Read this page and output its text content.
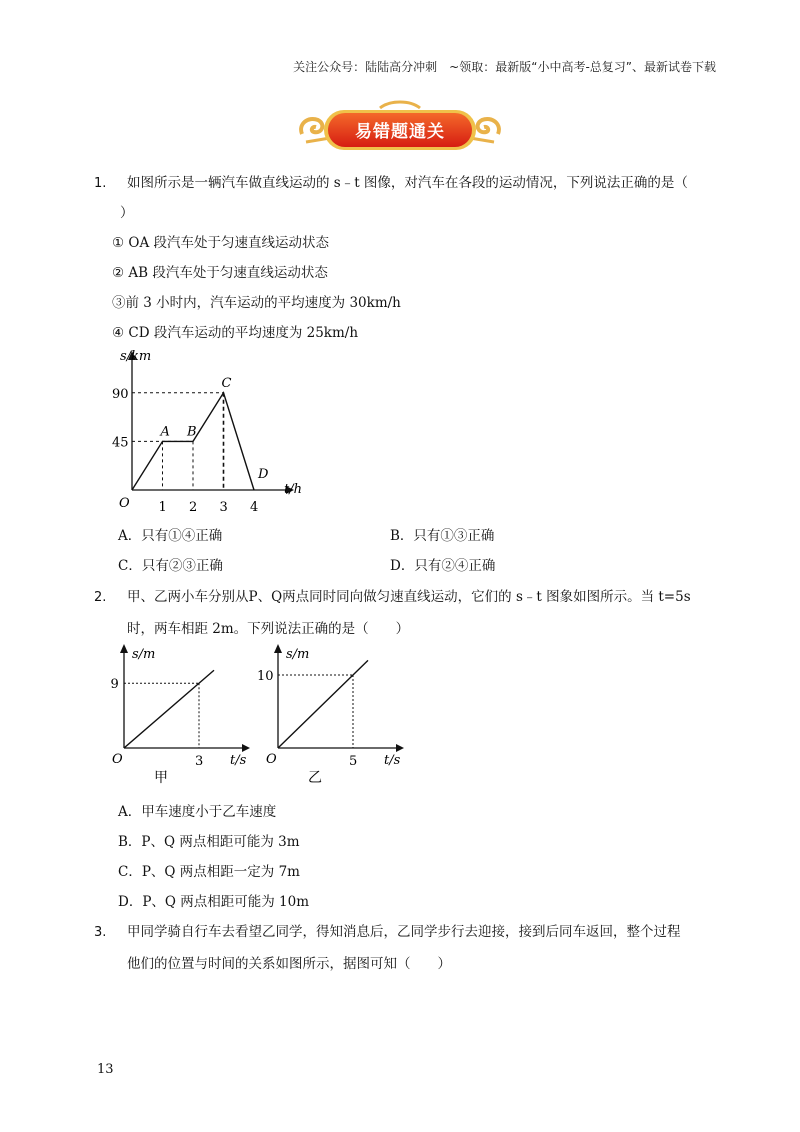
关注公众号：陆陆高分冲刺　~领取：最新版“小中高考-总复习”、最新试卷下载
易错题通关
1. 如图所示是一辆汽车做直线运动的 s﹣t 图像，对汽车在各段的运动情况，下列说法正确的是（
）
① OA 段汽车处于匀速直线运动状态
② AB 段汽车处于匀速直线运动状态
③前 3 小时内，汽车运动的平均速度为 30km/h
④ CD 段汽车运动的平均速度为 25km/h
1 2 3 4
45
90
A B
C
D
s/km
t/h
O
A．只有①④正确	B．只有①③正确
C．只有②③正确	D．只有②④正确
2. 甲、乙两小车分别从P、Q两点同时同向做匀速直线运动，它们的 s﹣t 图象如图所示。当 t=5s
时，两车相距 2m。下列说法正确的是（　　）
3
9
s/m
t/s
O
甲
5
10
s/m
t/s
O
乙
A．甲车速度小于乙车速度
B．P、Q 两点相距可能为 3m
C．P、Q 两点相距一定为 7m
D．P、Q 两点相距可能为 10m
3. 甲同学骑自行车去看望乙同学，得知消息后，乙同学步行去迎接，接到后同车返回，整个过程
他们的位置与时间的关系如图所示，据图可知（　　）
13
